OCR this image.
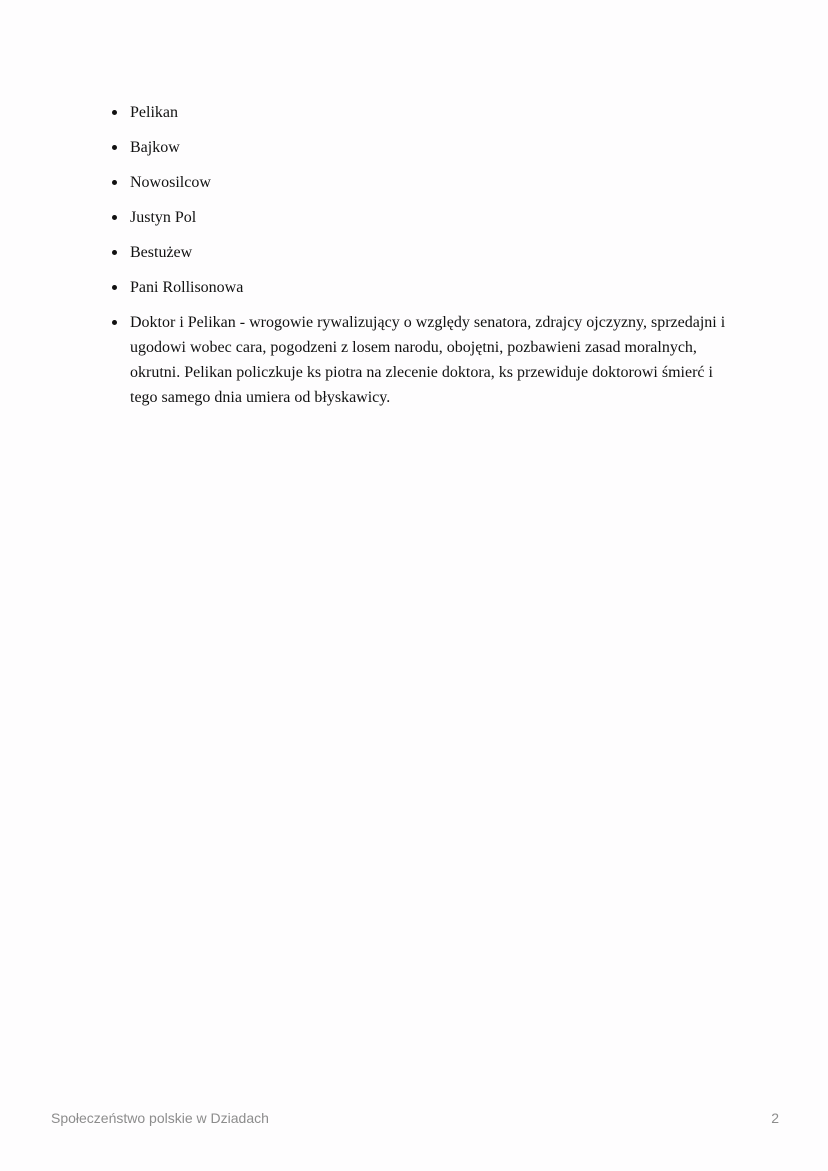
Pelikan
Bajkow
Nowosilcow
Justyn Pol
Bestużew
Pani Rollisonowa
Doktor i Pelikan - wrogowie rywalizujący o względy senatora, zdrajcy ojczyzny, sprzedajni i ugodowi wobec cara, pogodzeni z losem narodu, obojętni, pozbawieni zasad moralnych, okrutni. Pelikan policzkuje ks piotra na zlecenie doktora, ks przewiduje doktorowi śmierć i tego samego dnia umiera od błyskawicy.
Społeczeństwo polskie w Dziadach	2
